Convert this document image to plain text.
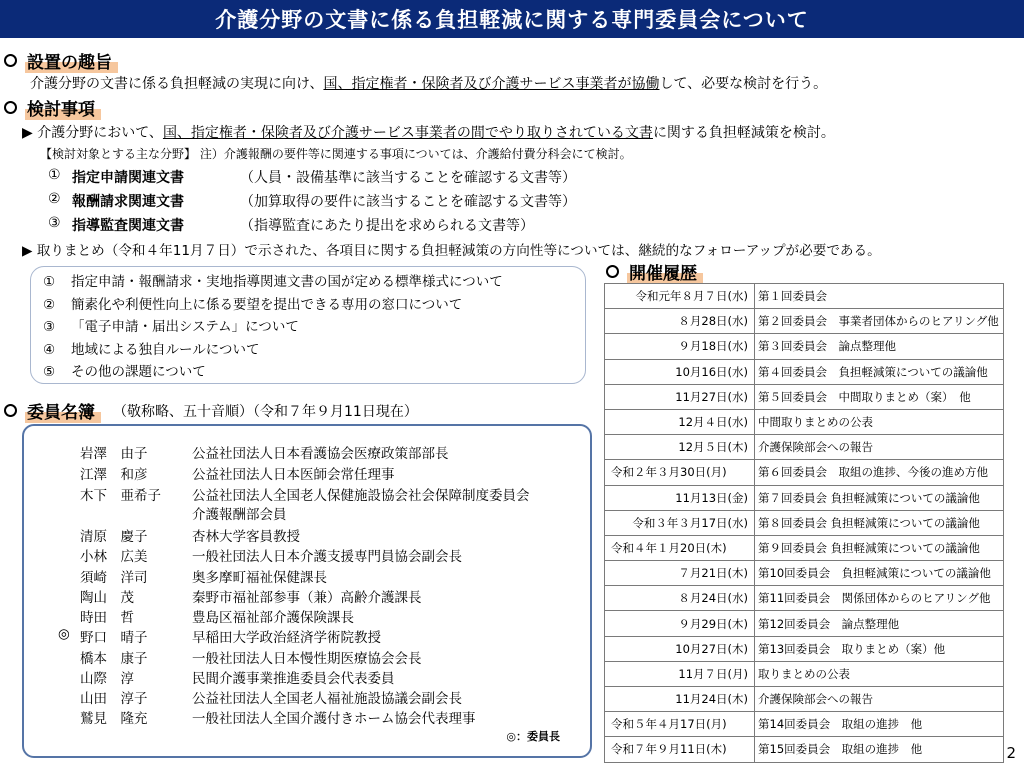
介護分野の文書に係る負担軽減に関する専門委員会について
設置の趣旨
介護分野の文書に係る負担軽減の実現に向け、国、指定権者・保険者及び介護サービス事業者が協働して、必要な検討を行う。
検討事項
▶ 介護分野において、国、指定権者・保険者及び介護サービス事業者の間でやり取りされている文書に関する負担軽減策を検討。
【検討対象とする主な分野】 注）介護報酬の要件等に関連する事項については、介護給付費分科会にて検討。
① 指定申請関連文書	（人員・設備基準に該当することを確認する文書等）
② 報酬請求関連文書	（加算取得の要件に該当することを確認する文書等）
③ 指導監査関連文書	（指導監査にあたり提出を求められる文書等）
▶ 取りまとめ（令和４年11月７日）で示された、各項目に関する負担軽減策の方向性等については、継続的なフォローアップが必要である。
① 指定申請・報酬請求・実地指導関連文書の国が定める標準様式について
② 簡素化や利便性向上に係る要望を提出できる専用の窓口について
③ 「電子申請・届出システム」について
④ 地域による独自ルールについて
⑤ その他の課題について
委員名簿	（敬称略、五十音順）（令和７年９月11日現在）
岩澤　由子	公益社団法人日本看護協会医療政策部部長
江澤　和彦	公益社団法人日本医師会常任理事
木下　亜希子	公益社団法人全国老人保健施設協会社会保障制度委員会
介護報酬部会員
清原　慶子	杏林大学客員教授
小林　広美	一般社団法人日本介護支援専門員協会副会長
須崎　洋司	奥多摩町福祉保健課長
陶山　茂	秦野市福祉部参事（兼）高齢介護課長
時田　哲	豊島区福祉部介護保険課長
◎ 野口　晴子	早稲田大学政治経済学術院教授
橋本　康子	一般社団法人日本慢性期医療協会会長
山際　淳	民間介護事業推進委員会代表委員
山田　淳子	公益社団法人全国老人福祉施設協議会副会長
鷲見　隆充	一般社団法人全国介護付きホーム協会代表理事
◎：委員長
開催履歴
令和元年８月７日(水)	第１回委員会
８月28日(水)	第２回委員会　事業者団体からのヒアリング他
９月18日(水)	第３回委員会　論点整理他
10月16日(水)	第４回委員会　負担軽減策についての議論他
11月27日(水)	第５回委員会　中間取りまとめ（案）　他
12月４日(水)	中間取りまとめの公表
12月５日(木)	介護保険部会への報告
令和２年３月30日(月)	第６回委員会　取組の進捗、今後の進め方他
11月13日(金)	第７回委員会 負担軽減策についての議論他
令和３年３月17日(水)	第８回委員会 負担軽減策についての議論他
令和４年１月20日(木)	第９回委員会 負担軽減策についての議論他
７月21日(木)	第10回委員会　負担軽減策についての議論他
８月24日(水)	第11回委員会　関係団体からのヒアリング他
９月29日(木)	第12回委員会　論点整理他
10月27日(木)	第13回委員会　取りまとめ（案）他
11月７日(月)	取りまとめの公表
11月24日(木)	介護保険部会への報告
令和５年４月17日(月)	第14回委員会　取組の進捗　他
令和７年９月11日(木)	第15回委員会　取組の進捗　他	2
